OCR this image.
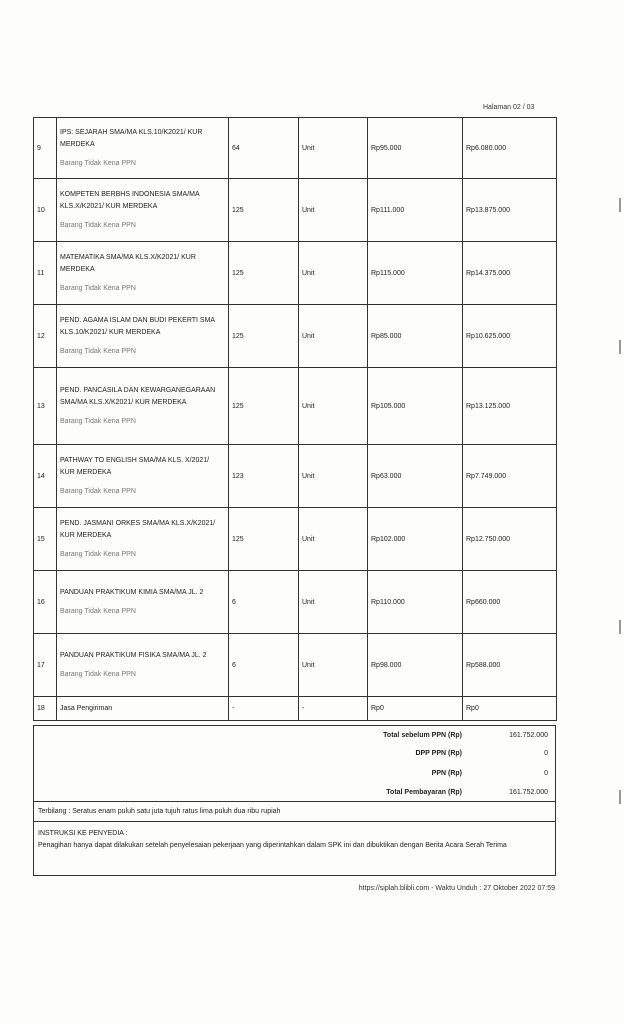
Halaman 02 / 03
9	IPS: SEJARAH SMA/MA KLS.10/K2021/ KUR MERDEKA
Barang Tidak Kena PPN	64	Unit	Rp95.000	Rp6.080.000
10	KOMPETEN BERBHS INDONESIA SMA/MA KLS.X/K2021/ KUR MERDEKA
Barang Tidak Kena PPN	125	Unit	Rp111.000	Rp13.875.000
11	MATEMATIKA SMA/MA KLS.X/K2021/ KUR MERDEKA
Barang Tidak Kena PPN	125	Unit	Rp115.000	Rp14.375.000
12	PEND. AGAMA ISLAM DAN BUDI PEKERTI SMA KLS.10/K2021/ KUR MERDEKA
Barang Tidak Kena PPN	125	Unit	Rp85.000	Rp10.625.000
13	PEND. PANCASILA DAN KEWARGANEGARAAN SMA/MA KLS.X/K2021/ KUR MERDEKA
Barang Tidak Kena PPN	125	Unit	Rp105.000	Rp13.125.000
14	PATHWAY TO ENGLISH SMA/MA KLS. X/2021/ KUR MERDEKA
Barang Tidak Kena PPN	123	Unit	Rp63.000	Rp7.749.000
15	PEND. JASMANI ORKES SMA/MA KLS.X/K2021/ KUR MERDEKA
Barang Tidak Kena PPN	125	Unit	Rp102.000	Rp12.750.000
16	PANDUAN PRAKTIKUM KIMIA SMA/MA JL. 2
Barang Tidak Kena PPN	6	Unit	Rp110.000	Rp660.000
17	PANDUAN PRAKTIKUM FISIKA SMA/MA JL. 2
Barang Tidak Kena PPN	6	Unit	Rp98.000	Rp588.000
18	Jasa Pengiriman	-	-	Rp0	Rp0
Total sebelum PPN (Rp)	161.752.000
DPP PPN (Rp)	0
PPN (Rp)	0
Total Pembayaran (Rp)	161.752.000
Terbilang : Seratus enam puluh satu juta tujuh ratus lima puluh dua ribu rupiah
INSTRUKSI KE PENYEDIA :
Penagihan hanya dapat dilakukan setelah penyelesaian pekerjaan yang diperintahkan dalam SPK ini dan dibuktikan dengan Berita Acara Serah Terima
https://siplah.blibli.com - Waktu Unduh : 27 Oktober 2022 07:59
